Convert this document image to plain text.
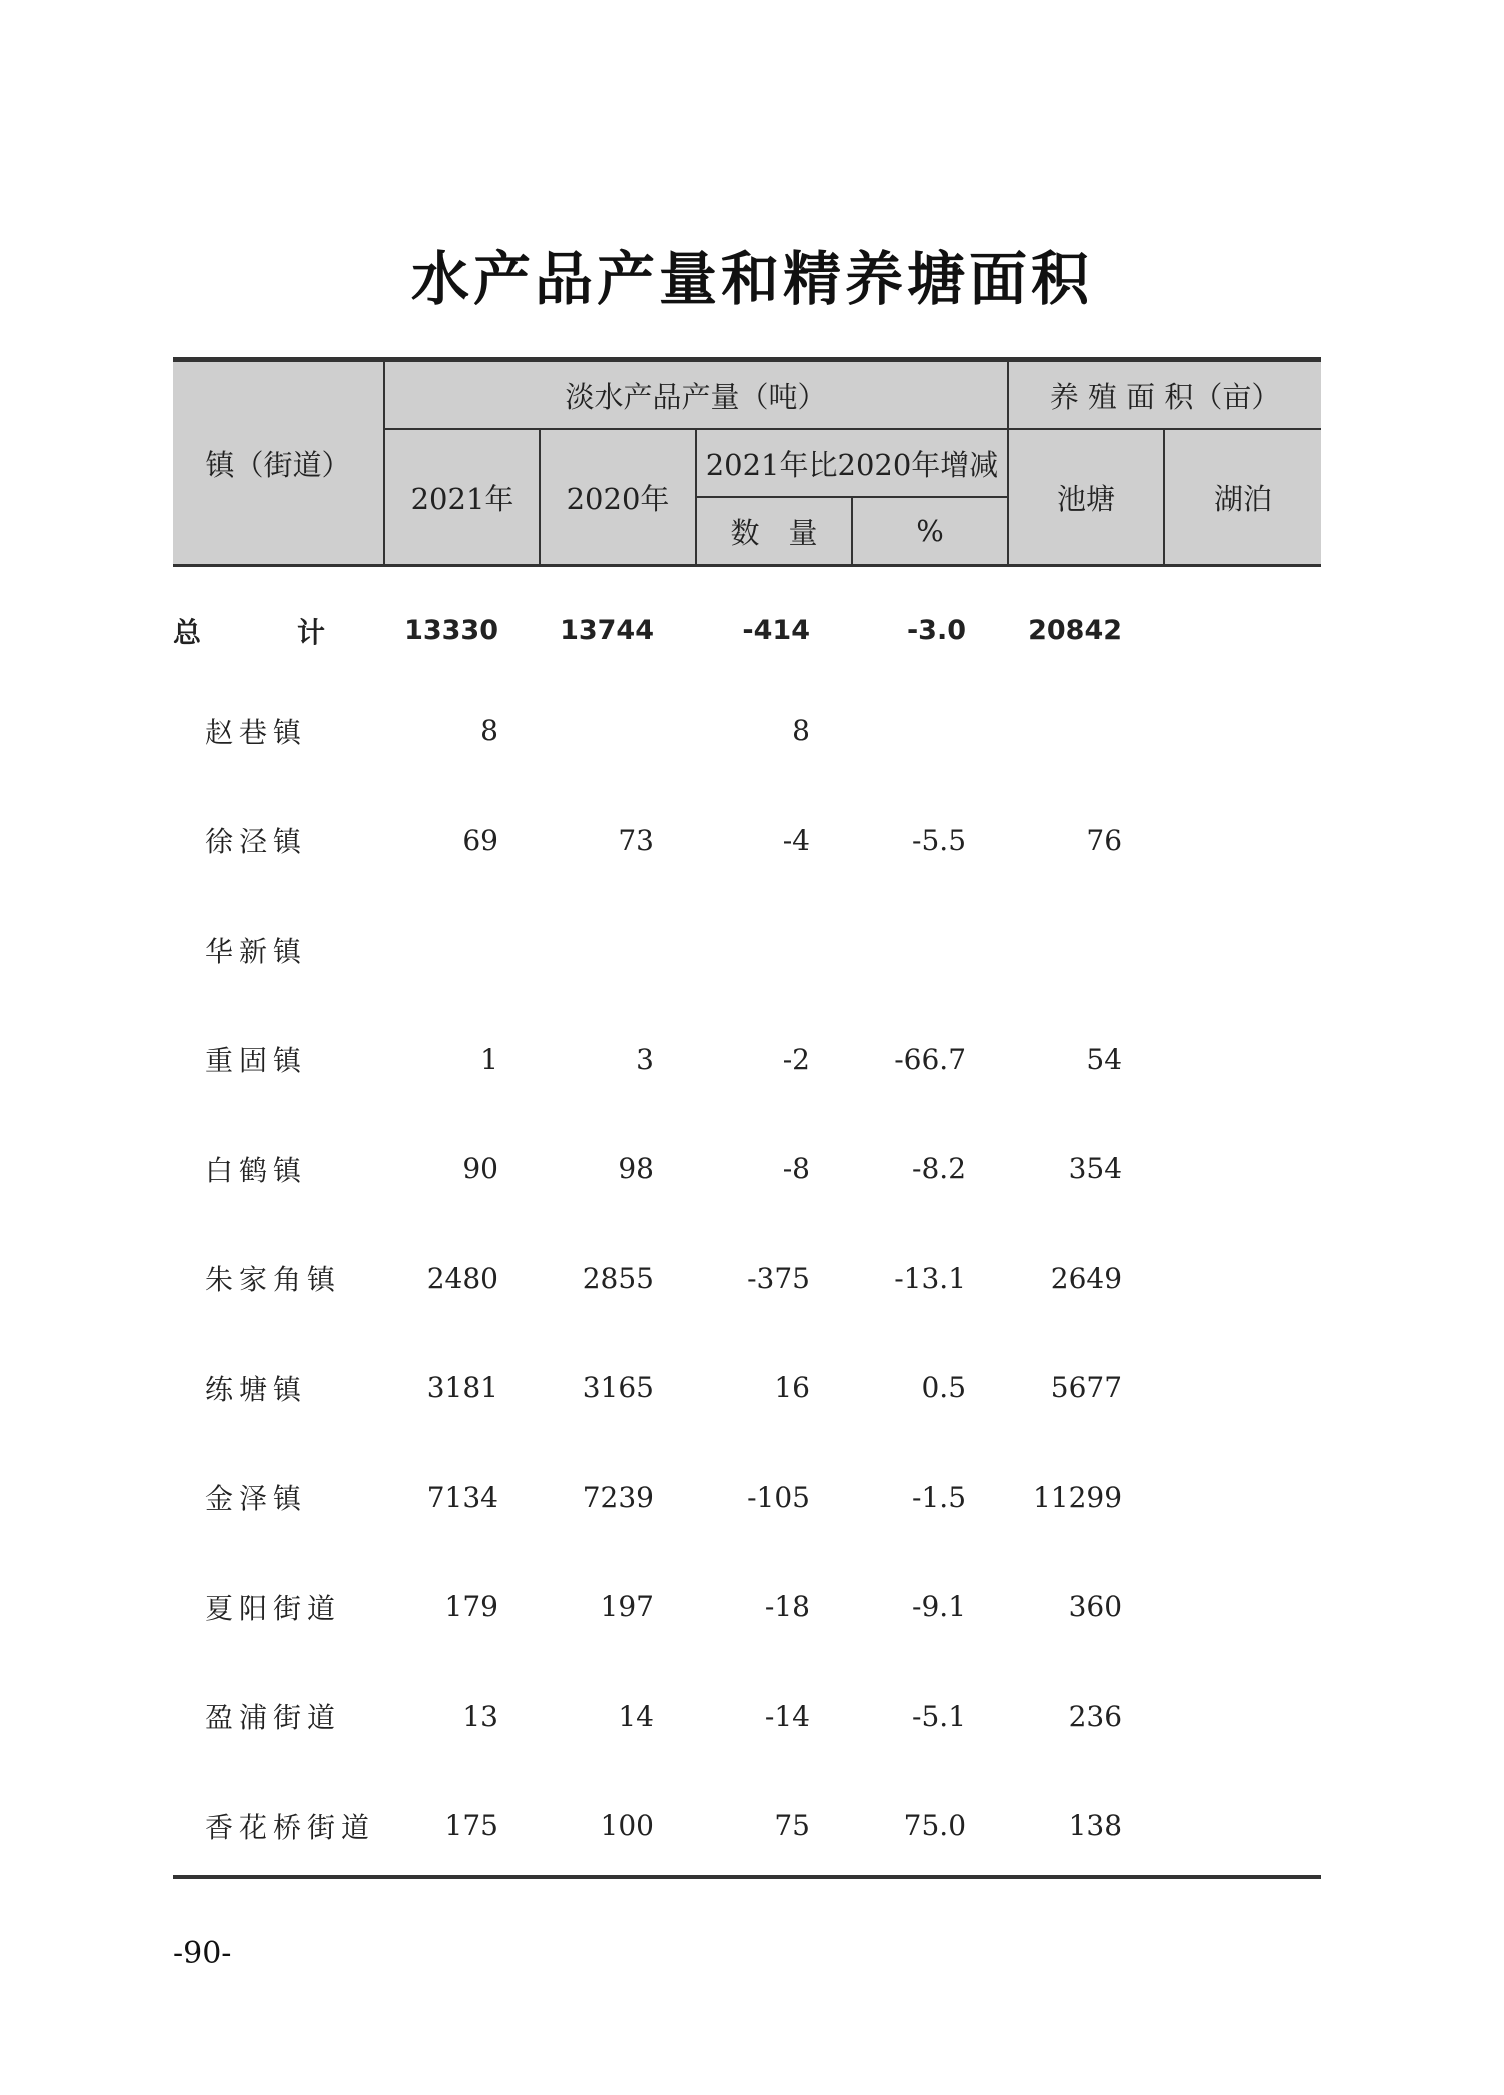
水产品产量和精养塘面积
镇（街道）	淡水产品产量（吨）				养 殖 面 积（亩）	
	2021年	2020年	2021年比2020年增减		池塘	湖泊
			数　量	%		
总　计	13330	13744	-414	-3.0	20842	
赵巷镇	8		8			
徐泾镇	69	73	-4	-5.5	76	
华新镇						
重固镇	1	3	-2	-66.7	54	
白鹤镇	90	98	-8	-8.2	354	
朱家角镇	2480	2855	-375	-13.1	2649	
练塘镇	3181	3165	16	0.5	5677	
金泽镇	7134	7239	-105	-1.5	11299	
夏阳街道	179	197	-18	-9.1	360	
盈浦街道	13	14	-14	-5.1	236	
香花桥街道	175	100	75	75.0	138	
-90-
